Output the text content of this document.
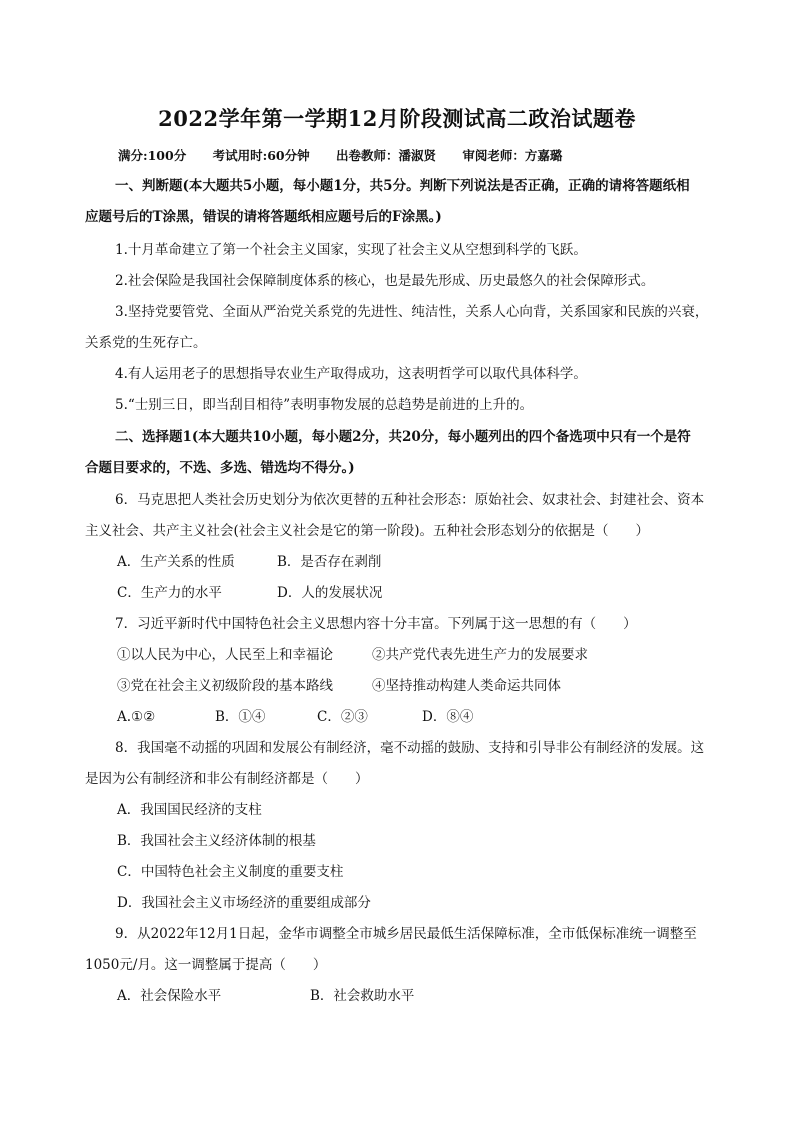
2022学年第一学期12月阶段测试高二政治试题卷
满分:100分 考试用时:60分钟 出卷教师：潘淑贤 审阅老师：方嘉璐
一、判断题(本大题共5小题，每小题1分，共5分。判断下列说法是否正确，正确的请将答题纸相
应题号后的T涂黑，错误的请将答题纸相应题号后的F涂黑。)
1.十月革命建立了第一个社会主义国家，实现了社会主义从空想到科学的飞跃。
2.社会保险是我国社会保障制度体系的核心，也是最先形成、历史最悠久的社会保障形式。
3.坚持党要管党、全面从严治党关系党的先进性、纯洁性，关系人心向背，关系国家和民族的兴衰，
关系党的生死存亡。
4.有人运用老子的思想指导农业生产取得成功，这表明哲学可以取代具体科学。
5.“士别三日，即当刮目相待”表明事物发展的总趋势是前进的上升的。
二、选择题1(本大题共10小题，每小题2分，共20分，每小题列出的四个备选项中只有一个是符
合题目要求的，不选、多选、错选均不得分。)
6．马克思把人类社会历史划分为依次更替的五种社会形态：原始社会、奴隶社会、封建社会、资本
主义社会、共产主义社会(社会主义社会是它的第一阶段)。五种社会形态划分的依据是（　　）
A．生产关系的性质	B．是否存在剥削
C．生产力的水平	D．人的发展状况
7．习近平新时代中国特色社会主义思想内容十分丰富。下列属于这一思想的有（　　）
①以人民为中心，人民至上和幸福论	②共产党代表先进生产力的发展要求
③党在社会主义初级阶段的基本路线	④坚持推动构建人类命运共同体
A.①②	B．①④	C．②③	D．⑧④
8．我国毫不动摇的巩固和发展公有制经济，毫不动摇的鼓励、支持和引导非公有制经济的发展。这
是因为公有制经济和非公有制经济都是（　　）
A．我国国民经济的支柱
B．我国社会主义经济体制的根基
C．中国特色社会主义制度的重要支柱
D．我国社会主义市场经济的重要组成部分
9．从2022年12月1日起，金华市调整全市城乡居民最低生活保障标准，全市低保标准统一调整至
1050元/月。这一调整属于提高（　　）
A．社会保险水平	B．社会救助水平
